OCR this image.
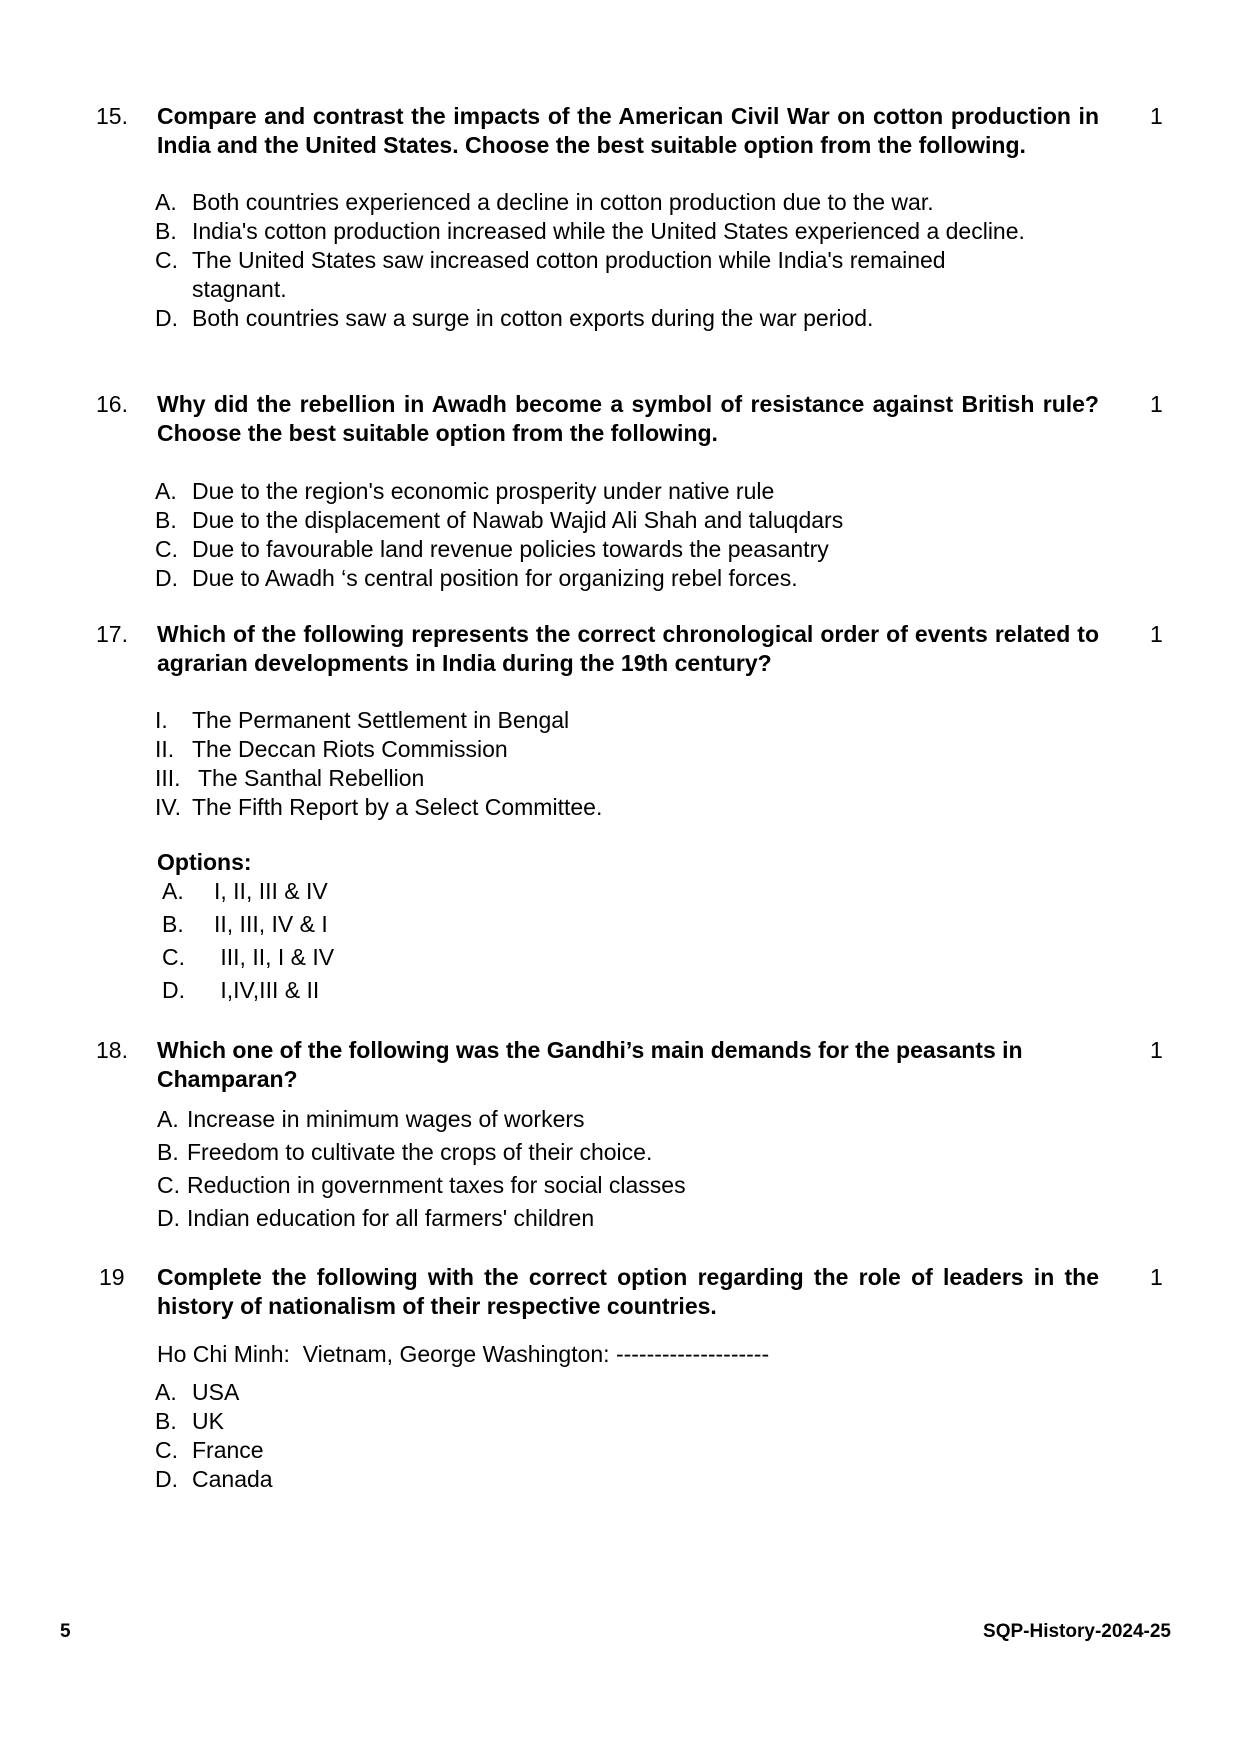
15. Compare and contrast the impacts of the American Civil War on cotton production in India and the United States. Choose the best suitable option from the following.
1
A. Both countries experienced a decline in cotton production due to the war.
B. India's cotton production increased while the United States experienced a decline.
C. The United States saw increased cotton production while India's remained stagnant.
D. Both countries saw a surge in cotton exports during the war period.
16. Why did the rebellion in Awadh become a symbol of resistance against British rule? Choose the best suitable option from the following.
1
A. Due to the region's economic prosperity under native rule
B. Due to the displacement of Nawab Wajid Ali Shah and taluqdars
C. Due to favourable land revenue policies towards the peasantry
D. Due to Awadh ‘s central position for organizing rebel forces.
17. Which of the following represents the correct chronological order of events related to agrarian developments in India during the 19th century?
1
I.	The Permanent Settlement in Bengal
II. The Deccan Riots Commission
III. The Santhal Rebellion
IV. The Fifth Report by a Select Committee.
Options:
A.	I, II, III & IV
B.	II, III, IV & I
C.	III, II, I & IV
D.	I,IV,III & II
18. Which one of the following was the Gandhi’s main demands for the peasants in Champaran?
1
A. Increase in minimum wages of workers
B. Freedom to cultivate the crops of their choice.
C. Reduction in government taxes for social classes
D. Indian education for all farmers' children
19 Complete the following with the correct option regarding the role of leaders in the history of nationalism of their respective countries.
1
Ho Chi Minh:  Vietnam, George Washington: --------------------
A. USA
B. UK
C. France
D. Canada
5	SQP-History-2024-25
